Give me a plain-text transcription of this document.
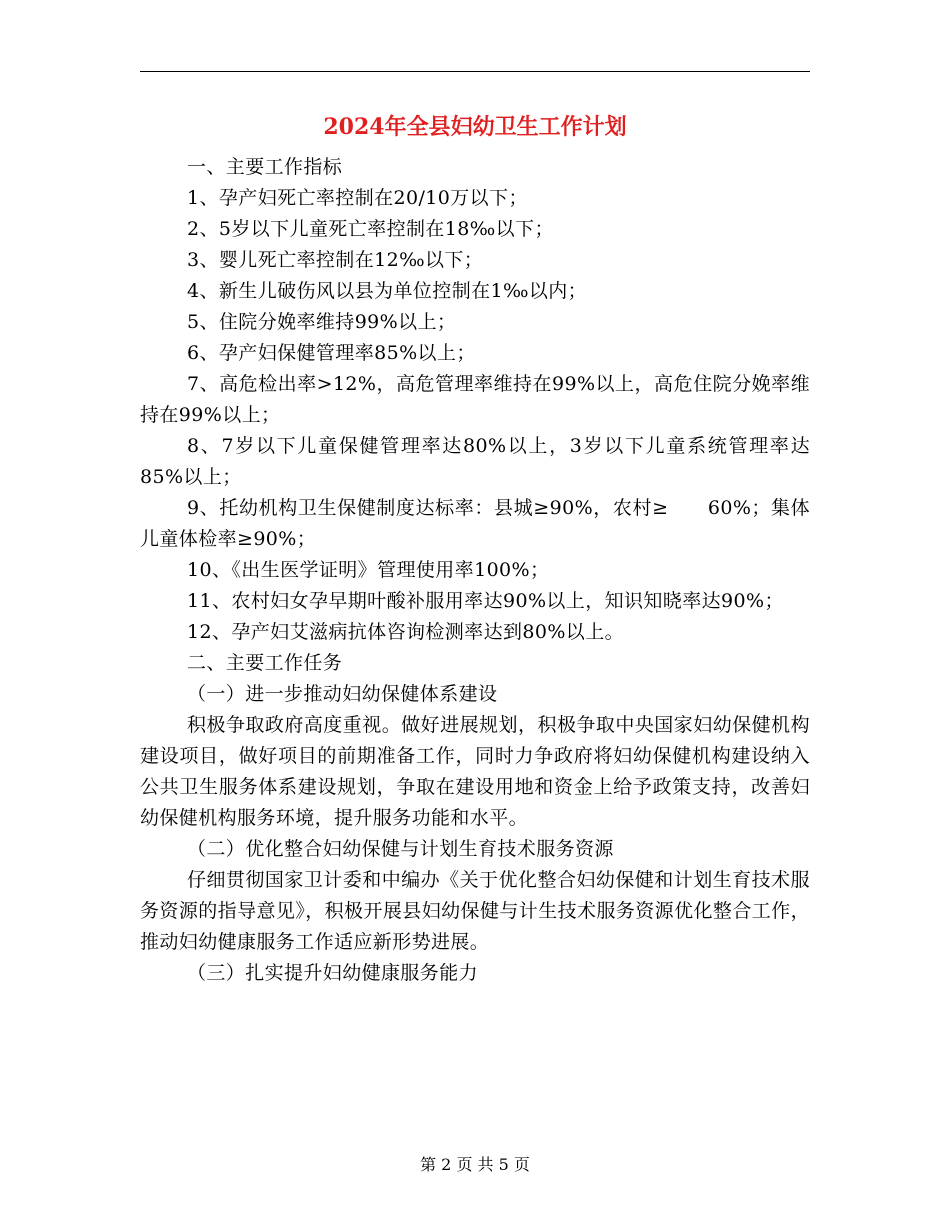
2024年全县妇幼卫生工作计划

一、主要工作指标

1、孕产妇死亡率控制在20/10万以下；

2、5岁以下儿童死亡率控制在18‰以下；

3、婴儿死亡率控制在12‰以下；

4、新生儿破伤风以县为单位控制在1‰以内；

5、住院分娩率维持99%以上；

6、孕产妇保健管理率85%以上；

7、高危检出率>12%，高危管理率维持在99%以上，高危住院分娩率维持在99%以上；

8、7岁以下儿童保健管理率达80%以上，3岁以下儿童系统管理率达85%以上；

9、托幼机构卫生保健制度达标率：县城≥90%，农村≥　　60%；集体儿童体检率≥90%；

10、《出生医学证明》管理使用率100%；

11、农村妇女孕早期叶酸补服用率达90%以上，知识知晓率达90%；

12、孕产妇艾滋病抗体咨询检测率达到80%以上。

二、主要工作任务

（一）进一步推动妇幼保健体系建设

积极争取政府高度重视。做好进展规划，积极争取中央国家妇幼保健机构建设项目，做好项目的前期准备工作，同时力争政府将妇幼保健机构建设纳入公共卫生服务体系建设规划，争取在建设用地和资金上给予政策支持，改善妇幼保健机构服务环境，提升服务功能和水平。

（二）优化整合妇幼保健与计划生育技术服务资源

仔细贯彻国家卫计委和中编办《关于优化整合妇幼保健和计划生育技术服务资源的指导意见》，积极开展县妇幼保健与计生技术服务资源优化整合工作，推动妇幼健康服务工作适应新形势进展。

（三）扎实提升妇幼健康服务能力

第 2 页 共 5 页
